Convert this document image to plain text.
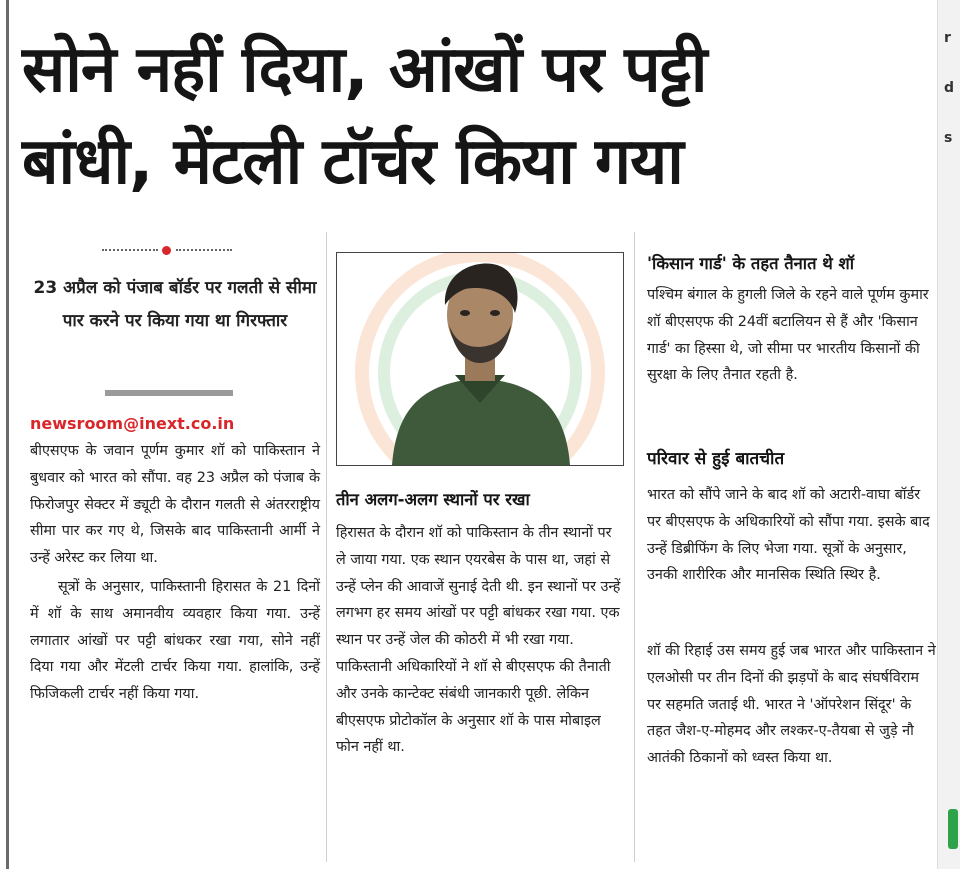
r
d
s
सोने नहीं दिया, आंखों पर पट्टी
बांधी, मेंटली टॉर्चर किया गया
23 अप्रैल को पंजाब बॉर्डर पर गलती से सीमा पार करने पर किया गया था गिरफ्तार
newsroom@inext.co.in

बीएसएफ के जवान पूर्णम कुमार शॉ को पाकिस्तान ने बुधवार को भारत को सौंपा. वह 23 अप्रैल को पंजाब के फिरोजपुर सेक्टर में ड्यूटी के दौरान गलती से अंतरराष्ट्रीय सीमा पार कर गए थे, जिसके बाद पाकिस्तानी आर्मी ने उन्हें अरेस्ट कर लिया था.

सूत्रों के अनुसार, पाकिस्तानी हिरासत के 21 दिनों में शॉ के साथ अमानवीय व्यवहार किया गया. उन्हें लगातार आंखों पर पट्टी बांधकर रखा गया, सोने नहीं दिया गया और मेंटली टार्चर किया गया. हालांकि, उन्हें फिजिकली टार्चर नहीं किया गया.

तीन अलग-अलग स्थानों पर रखा

हिरासत के दौरान शॉ को पाकिस्तान के तीन स्थानों पर ले जाया गया. एक स्थान एयरबेस के पास था, जहां से उन्हें प्लेन की आवाजें सुनाई देती थी. इन स्थानों पर उन्हें लगभग हर समय आंखों पर पट्टी बांधकर रखा गया. एक स्थान पर उन्हें जेल की कोठरी में भी रखा गया. पाकिस्तानी अधिकारियों ने शॉ से बीएसएफ की तैनाती और उनके कान्टेक्ट संबंधी जानकारी पूछी. लेकिन बीएसएफ प्रोटोकॉल के अनुसार शॉ के पास मोबाइल फोन नहीं था.

'किसान गार्ड' के तहत तैनात थे शॉ

पश्चिम बंगाल के हुगली जिले के रहने वाले पूर्णम कुमार शॉ बीएसएफ की 24वीं बटालियन से हैं और 'किसान गार्ड' का हिस्सा थे, जो सीमा पर भारतीय किसानों की सुरक्षा के लिए तैनात रहती है.

परिवार से हुई बातचीत

भारत को सौंपे जाने के बाद शॉ को अटारी-वाघा बॉर्डर पर बीएसएफ के अधिकारियों को सौंपा गया. इसके बाद उन्हें डिब्रीफिंग के लिए भेजा गया. सूत्रों के अनुसार, उनकी शारीरिक और मानसिक स्थिति स्थिर है.

शॉ की रिहाई उस समय हुई जब भारत और पाकिस्तान ने एलओसी पर तीन दिनों की झड़पों के बाद संघर्षविराम पर सहमति जताई थी. भारत ने 'ऑपरेशन सिंदूर' के तहत जैश-ए-मोहमद और लश्कर-ए-तैयबा से जुड़े नौ आतंकी ठिकानों को ध्वस्त किया था.
